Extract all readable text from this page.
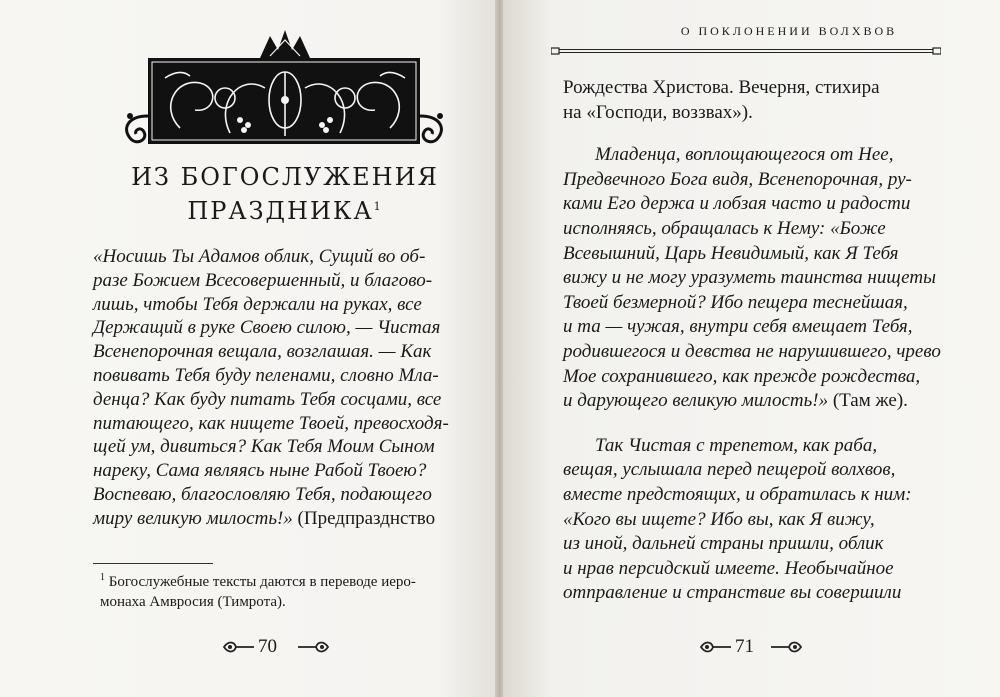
ИЗ БОГОСЛУЖЕНИЯ
ПРАЗДНИКА$^1$
«Носишь Ты Адамов облик, Сущий во об-
разе Божием Всесовершенный, и благово-
лишь, чтобы Тебя держали на руках, все
Держащий в руке Своею силою, — Чистая
Всенепорочная вещала, возглашая. — Как
повивать Тебя буду пеленами, словно Мла-
денца? Как буду питать Тебя сосцами, все
питающего, как нищете Твоей, превосходя-
щей ум, дивиться? Как Тебя Моим Сыном
нареку, Сама являясь ныне Рабой Твоею?
Воспеваю, благословляю Тебя, подающего
миру великую милость!» (Предпразднство
$^1$ Богослужебные тексты даются в переводе иеро-
монаха Амвросия (Тимрота).
70
О ПОКЛОНЕНИИ ВОЛХВОВ
Рождества Христова. Вечерня, стихира
на «Господи, воззвах»).
Младенца, воплощающегося от Нее,
Предвечного Бога видя, Всенепорочная, ру-
ками Его держа и лобзая часто и радости
исполняясь, обращалась к Нему: «Боже
Всевышний, Царь Невидимый, как Я Тебя
вижу и не могу уразуметь таинства нищеты
Твоей безмерной? Ибо пещера теснейшая,
и та — чужая, внутри себя вмещает Тебя,
родившегося и девства не нарушившего, чрево
Мое сохранившего, как прежде рождества,
и дарующего великую милость!» (Там же).
Так Чистая с трепетом, как раба,
вещая, услышала перед пещерой волхвов,
вместе предстоящих, и обратилась к ним:
«Кого вы ищете? Ибо вы, как Я вижу,
из иной, дальней страны пришли, облик
и нрав персидский имеете. Необычайное
отправление и странствие вы совершили
71
